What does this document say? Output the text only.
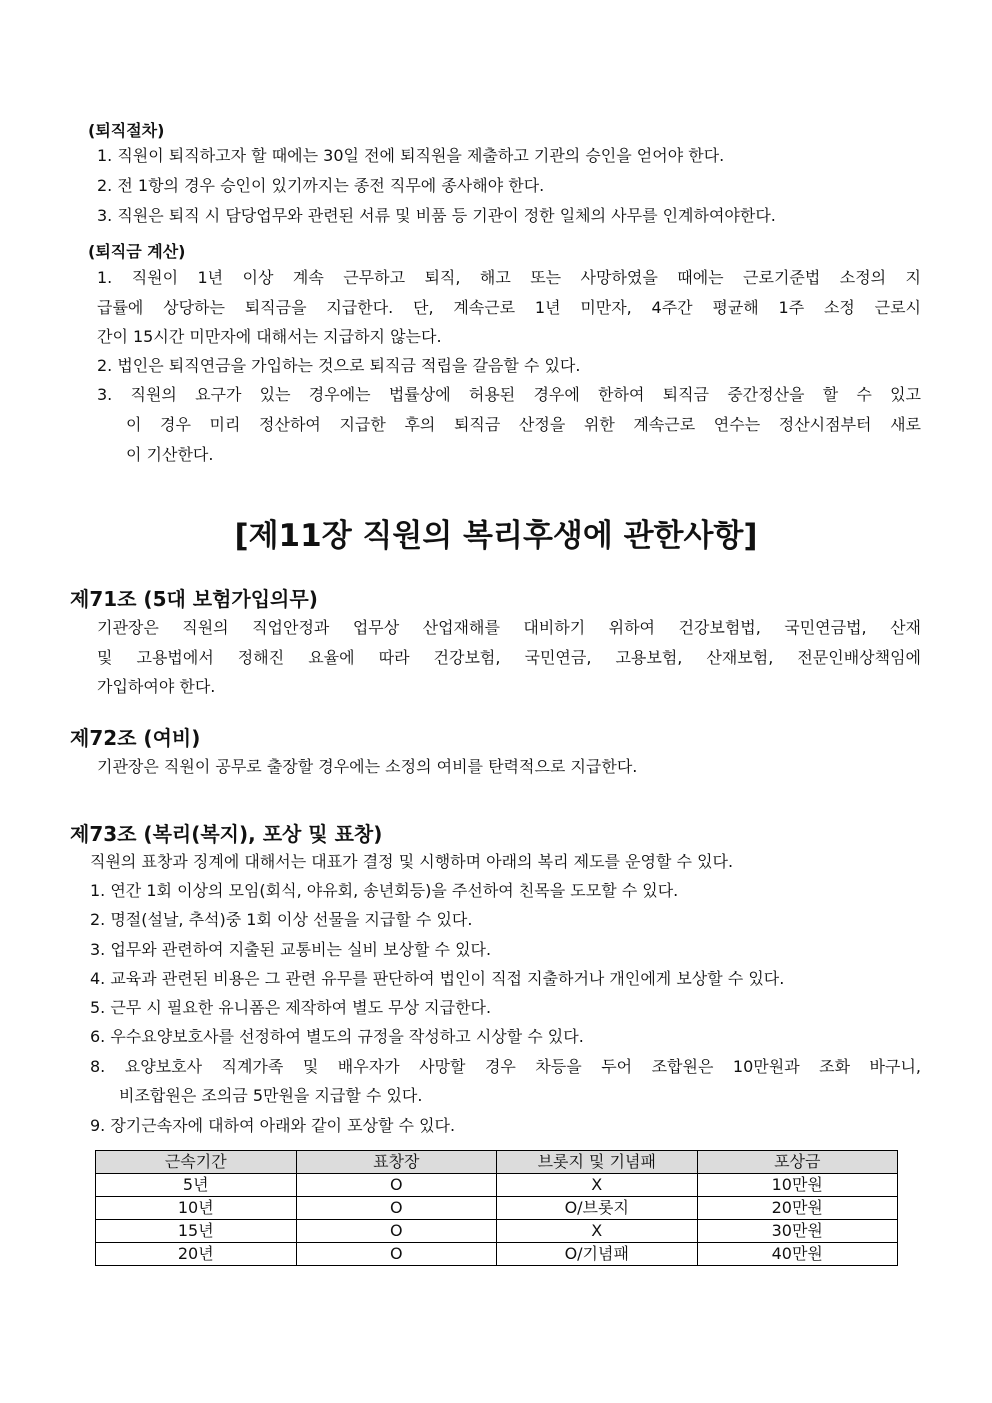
(퇴직절차)

1. 직원이 퇴직하고자 할 때에는 30일 전에 퇴직원을 제출하고 기관의 승인을 얻어야 한다.

2. 전 1항의 경우 승인이 있기까지는 종전 직무에 종사해야 한다.

3. 직원은 퇴직 시 담당업무와 관련된 서류 및 비품 등 기관이 정한 일체의 사무를 인계하여야한다.

(퇴직금 계산)

1. 직원이 1년 이상 계속 근무하고 퇴직, 해고 또는 사망하였을 때에는 근로기준법 소정의 지

급률에 상당하는 퇴직금을 지급한다. 단, 계속근로 1년 미만자, 4주간 평균해 1주 소정 근로시

간이 15시간 미만자에 대해서는 지급하지 않는다.

2. 법인은 퇴직연금을 가입하는 것으로 퇴직금 적립을 갈음할 수 있다.

3. 직원의 요구가 있는 경우에는 법률상에 허용된 경우에 한하여 퇴직금 중간정산을 할 수 있고

이 경우 미리 정산하여 지급한 후의 퇴직금 산정을 위한 계속근로 연수는 정산시점부터 새로

이 기산한다.

[제11장 직원의 복리후생에 관한사항]
제71조 (5대 보험가입의무)

기관장은 직원의 직업안정과 업무상 산업재해를 대비하기 위하여 건강보험법, 국민연금법, 산재

및 고용법에서 정해진 요율에 따라 건강보험, 국민연금, 고용보험, 산재보험, 전문인배상책임에

가입하여야 한다.

제72조 (여비)

기관장은 직원이 공무로 출장할 경우에는 소정의 여비를 탄력적으로 지급한다.

제73조 (복리(복지), 포상 및 표창)

직원의 표창과 징계에 대해서는 대표가 결정 및 시행하며 아래의 복리 제도를 운영할 수 있다.

1. 연간 1회 이상의 모임(회식, 야유회, 송년회등)을 주선하여 친목을 도모할 수 있다.

2. 명절(설날, 추석)중 1회 이상 선물을 지급할 수 있다.

3. 업무와 관련하여 지출된 교통비는 실비 보상할 수 있다.

4. 교육과 관련된 비용은 그 관련 유무를 판단하여 법인이 직접 지출하거나 개인에게 보상할 수 있다.

5. 근무 시 필요한 유니폼은 제작하여 별도 무상 지급한다.

6. 우수요양보호사를 선정하여 별도의 규정을 작성하고 시상할 수 있다.

8. 요양보호사 직계가족 및 배우자가 사망할 경우 차등을 두어 조합원은 10만원과 조화 바구니,

비조합원은 조의금 5만원을 지급할 수 있다.

9. 장기근속자에 대하여 아래와 같이 포상할 수 있다.

근속기간	표창장	브롯지 및 기념패	포상금
5년	O	X	10만원
10년	O	O/브롯지	20만원
15년	O	X	30만원
20년	O	O/기념패	40만원
